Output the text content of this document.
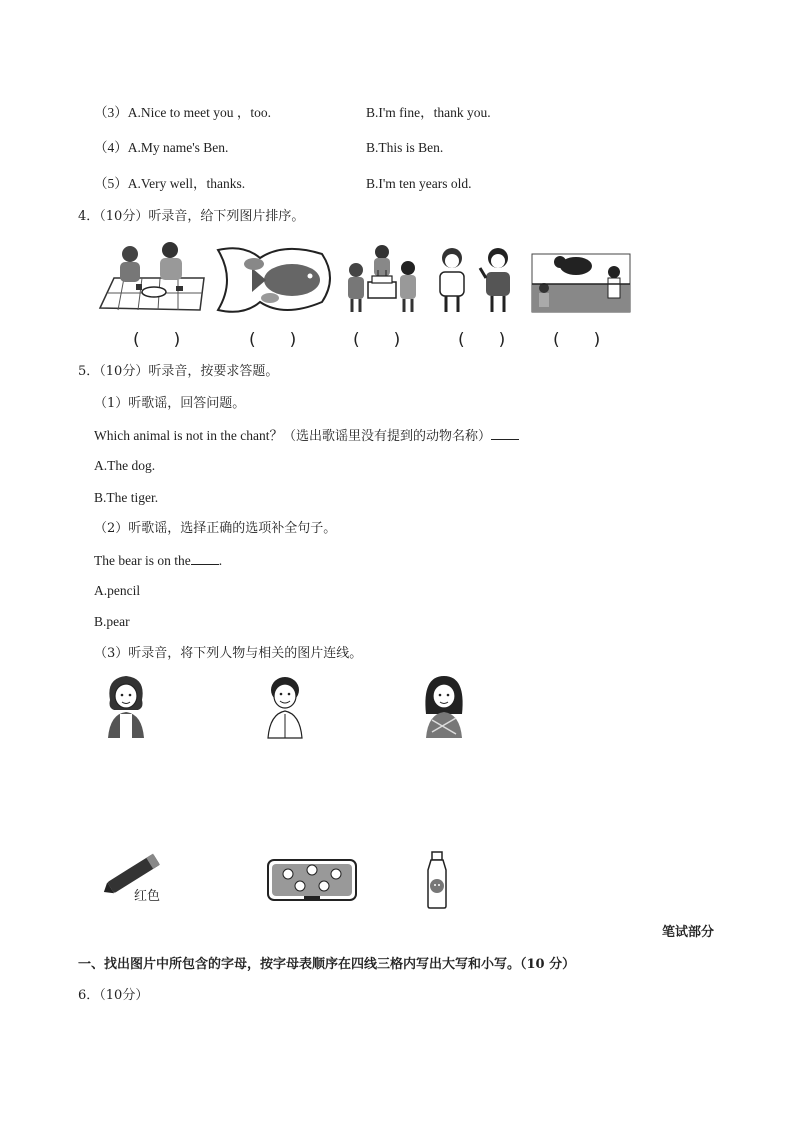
（3）A.Nice to meet you ，too.	B.I'm fine，thank you.
（4）A.My name's Ben.	B.This is Ben.
（5）A.Very well，thanks.	B.I'm ten years old.
4．（10分）听录音，给下列图片排序。
(　　)	(　　)	(　　)	(　　)	(　　)
5．（10分）听录音，按要求答题。
（1）听歌谣，回答问题。
Which animal is not in the chant？（选出歌谣里没有提到的动物名称）
A.The dog.
B.The tiger.
（2）听歌谣，选择正确的选项补全句子。
The bear is on the .
A.pencil
B.pear
（3）听录音，将下列人物与相关的图片连线。
红色
笔试部分
一、找出图片中所包含的字母，按字母表顺序在四线三格内写出大写和小写。（10 分）
6．（10分）
